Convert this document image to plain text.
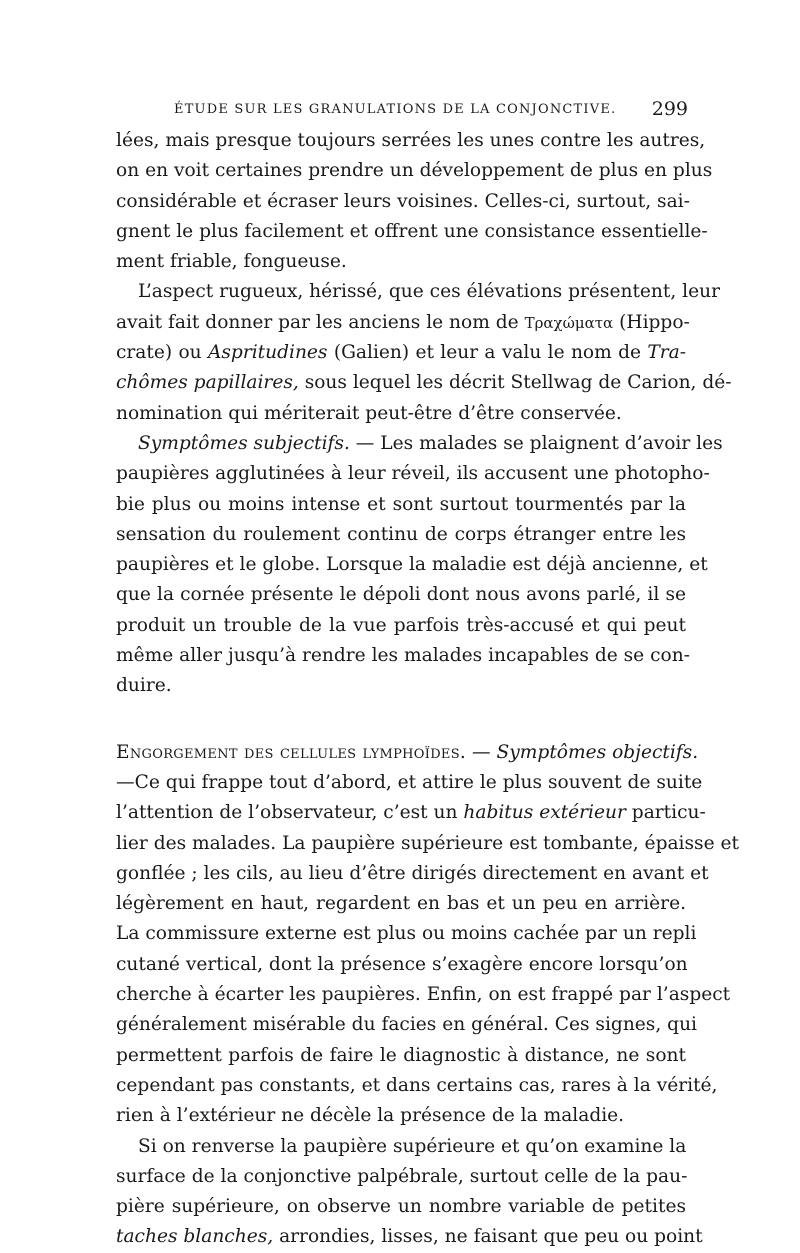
ÉTUDE SUR LES GRANULATIONS DE LA CONJONCTIVE. 299
lées, mais presque toujours serrées les unes contre les autres,
on en voit certaines prendre un développement de plus en plus
considérable et écraser leurs voisines. Celles-ci, surtout, sai-
gnent le plus facilement et offrent une consistance essentielle-
ment friable, fongueuse.
L’aspect rugueux, hérissé, que ces élévations présentent, leur
avait fait donner par les anciens le nom de Τραχώματα (Hippo-
crate) ou Aspritudines (Galien) et leur a valu le nom de Tra-
chômes papillaires, sous lequel les décrit Stellwag de Carion, dé-
nomination qui mériterait peut-être d’être conservée.
Symptômes subjectifs. — Les malades se plaignent d’avoir les
paupières agglutinées à leur réveil, ils accusent une photopho-
bie plus ou moins intense et sont surtout tourmentés par la
sensation du roulement continu de corps étranger entre les
paupières et le globe. Lorsque la maladie est déjà ancienne, et
que la cornée présente le dépoli dont nous avons parlé, il se
produit un trouble de la vue parfois très-accusé et qui peut
même aller jusqu’à rendre les malades incapables de se con-
duire.
Engorgement des cellules lymphoïdes. — Symptômes objectifs.
—Ce qui frappe tout d’abord, et attire le plus souvent de suite
l’attention de l’observateur, c’est un habitus extérieur particu-
lier des malades. La paupière supérieure est tombante, épaisse et
gonflée ; les cils, au lieu d’être dirigés directement en avant et
légèrement en haut, regardent en bas et un peu en arrière.
La commissure externe est plus ou moins cachée par un repli
cutané vertical, dont la présence s’exagère encore lorsqu’on
cherche à écarter les paupières. Enfin, on est frappé par l’aspect
généralement misérable du facies en général. Ces signes, qui
permettent parfois de faire le diagnostic à distance, ne sont
cependant pas constants, et dans certains cas, rares à la vérité,
rien à l’extérieur ne décèle la présence de la maladie.
Si on renverse la paupière supérieure et qu’on examine la
surface de la conjonctive palpébrale, surtout celle de la pau-
pière supérieure, on observe un nombre variable de petites
taches blanches, arrondies, lisses, ne faisant que peu ou point
